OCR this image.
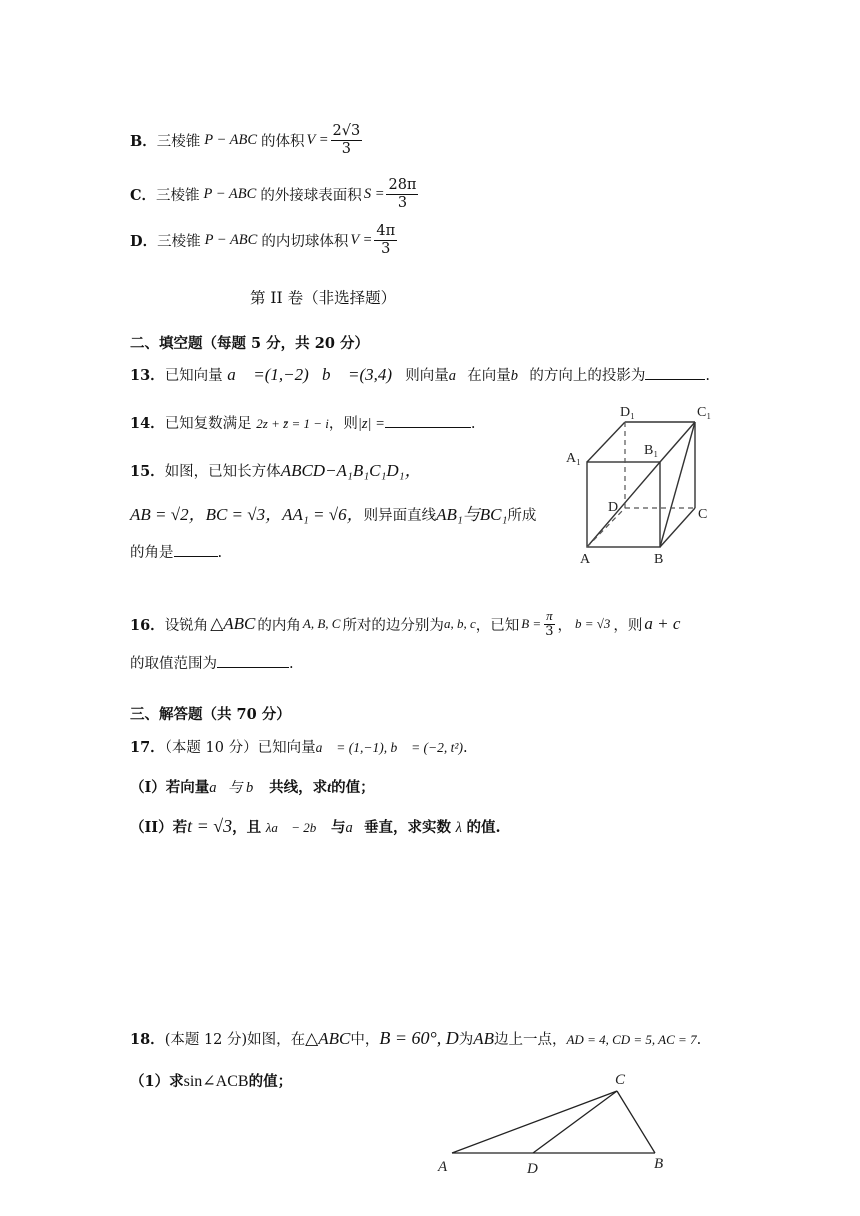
B． 三棱锥 P − ABC 的体积 $V = \frac{2√3}{3}$
C． 三棱锥 P − ABC 的外接球表面积 $S = \frac{28\pi}{3}$
D． 三棱锥 P − ABC 的内切球体积 $V = \frac{4\pi}{3}$
第 II 卷（非选择题）
二、填空题（每题 5 分，共 20 分）
13．已知向量 a⃗ =(1,−2)，b⃗ =(3,4)，则向量a⃗在向量b⃗的方向上的投影为	.
14．已知复数满足 2z + z̄ = 1 − i，则|z| =	.
15．如图，已知长方体ABCD−A₁B₁C₁D₁，
AB = √2，BC = √3，AA₁ = √6，则异面直线AB₁与BC₁所成
的角是	.
D₁	C₁
A₁
B₁
D	C
A	B
16． 设锐角 △ABC 的内角 A, B, C 所对的边分别为 a, b, c ，已知 $B = \frac{\pi}{3}$ ， b = √3 ，则 a + c
的取值范围为	.
三、解答题（共 70 分）
17．（本题 10 分）已知向量a⃗ = (1,−1), b⃗ = (−2, t²).
（I）若向量a⃗与 b⃗ 共线，求t的值；
（II）若t = √3，且 λa⃗ − 2b⃗ 与a⃗垂直，求实数 λ 的值.
18．(本题 12 分)如图，在△ABC中，B = 60°, D为AB边上一点，AD = 4, CD = 5, AC = 7.
（1）求sin∠ACB的值；	C
A	D	B
